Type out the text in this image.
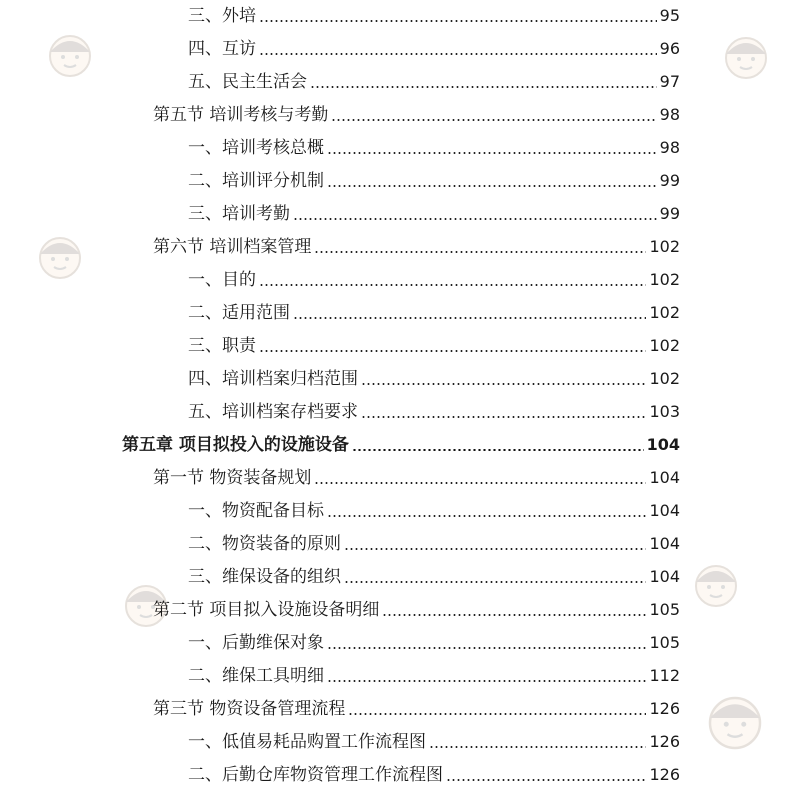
三、外培	95
四、互访	96
五、民主生活会	97
第五节 培训考核与考勤	98
一、培训考核总概	98
二、培训评分机制	99
三、培训考勤	99
第六节 培训档案管理	102
一、目的	102
二、适用范围	102
三、职责	102
四、培训档案归档范围	102
五、培训档案存档要求	103
第五章 项目拟投入的设施设备	104
第一节 物资装备规划	104
一、物资配备目标	104
二、物资装备的原则	104
三、维保设备的组织	104
第二节 项目拟入设施设备明细	105
一、后勤维保对象	105
二、维保工具明细	112
第三节 物资设备管理流程	126
一、低值易耗品购置工作流程图	126
二、后勤仓库物资管理工作流程图	126
